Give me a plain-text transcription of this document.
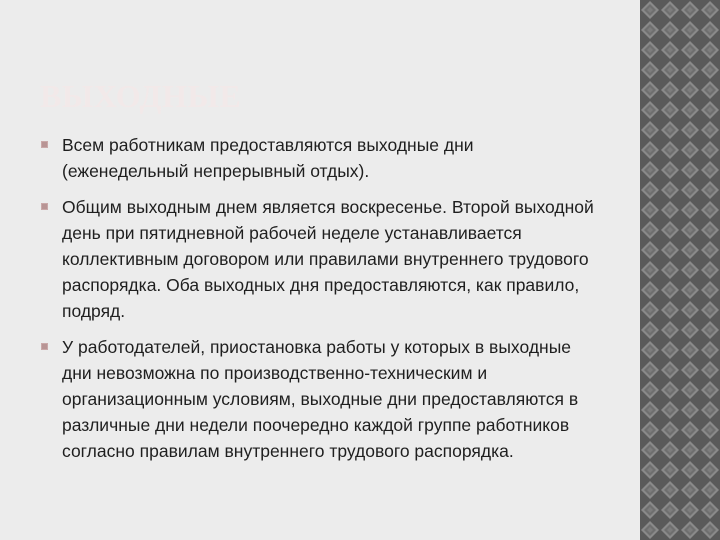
ВЫХОДНЫЕ
Всем работникам предоставляются выходные дни (еженедельный непрерывный отдых).
Общим выходным днем является воскресенье. Второй выходной день при пятидневной рабочей неделе устанавливается коллективным договором или правилами внутреннего трудового распорядка. Оба выходных дня предоставляются, как правило, подряд.
У работодателей, приостановка работы у которых в выходные дни невозможна по производственно-техническим и организационным условиям, выходные дни предоставляются в различные дни недели поочередно каждой группе работников согласно правилам внутреннего трудового распорядка.
